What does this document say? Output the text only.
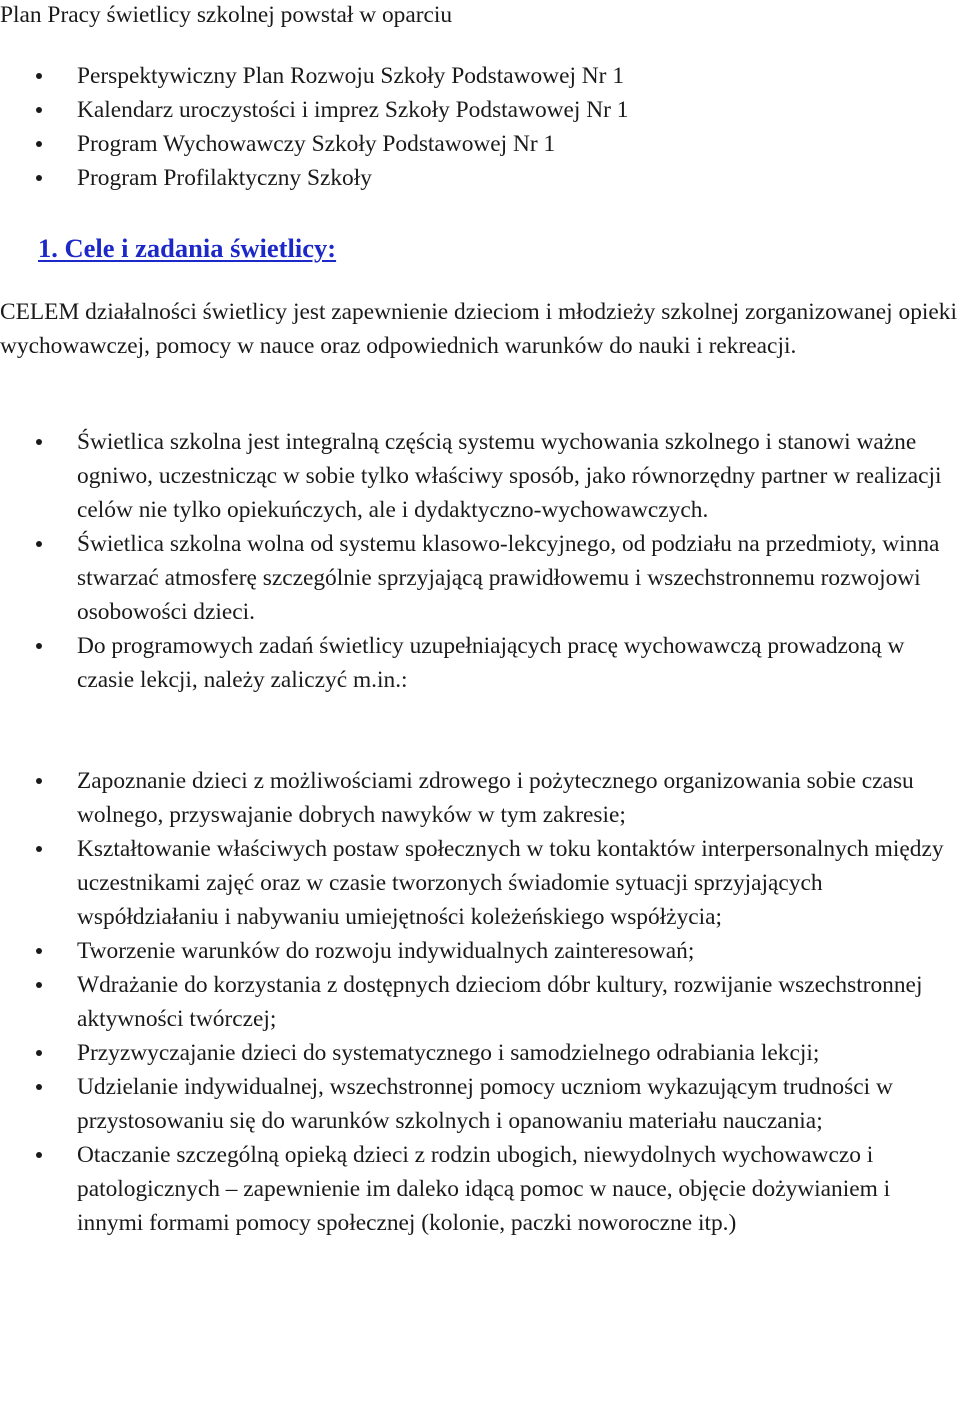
Plan Pracy świetlicy szkolnej powstał w oparciu

Perspektywiczny Plan Rozwoju Szkoły Podstawowej Nr 1
Kalendarz uroczystości i imprez Szkoły Podstawowej Nr 1
Program Wychowawczy Szkoły Podstawowej Nr 1
Program Profilaktyczny Szkoły
1. Cele i zadania świetlicy:

CELEM działalności świetlicy jest zapewnienie dzieciom i młodzieży szkolnej zorganizowanej opieki wychowawczej, pomocy w nauce oraz odpowiednich warunków do nauki i rekreacji.

Świetlica szkolna jest integralną częścią systemu wychowania szkolnego i stanowi ważne ogniwo, uczestnicząc w sobie tylko właściwy sposób, jako równorzędny partner w realizacji celów nie tylko opiekuńczych, ale i dydaktyczno-wychowawczych.
Świetlica szkolna wolna od systemu klasowo-lekcyjnego, od podziału na przedmioty, winna stwarzać atmosferę szczególnie sprzyjającą prawidłowemu i wszechstronnemu rozwojowi osobowości dzieci.
Do programowych zadań świetlicy uzupełniających pracę wychowawczą prowadzoną w czasie lekcji, należy zaliczyć m.in.:
Zapoznanie dzieci z możliwościami zdrowego i pożytecznego organizowania sobie czasu wolnego, przyswajanie dobrych nawyków w tym zakresie;
Kształtowanie właściwych postaw społecznych w toku kontaktów interpersonalnych między uczestnikami zajęć oraz w czasie tworzonych świadomie sytuacji sprzyjających współdziałaniu i nabywaniu umiejętności koleżeńskiego współżycia;
Tworzenie warunków do rozwoju indywidualnych zainteresowań;
Wdrażanie do korzystania z dostępnych dzieciom dóbr kultury, rozwijanie wszechstronnej aktywności twórczej;
Przyzwyczajanie dzieci do systematycznego i samodzielnego odrabiania lekcji;
Udzielanie indywidualnej, wszechstronnej pomocy uczniom wykazującym trudności w przystosowaniu się do warunków szkolnych i opanowaniu materiału nauczania;
Otaczanie szczególną opieką dzieci z rodzin ubogich, niewydolnych wychowawczo i patologicznych – zapewnienie im daleko idącą pomoc w nauce, objęcie dożywianiem i innymi formami pomocy społecznej (kolonie, paczki noworoczne itp.)
